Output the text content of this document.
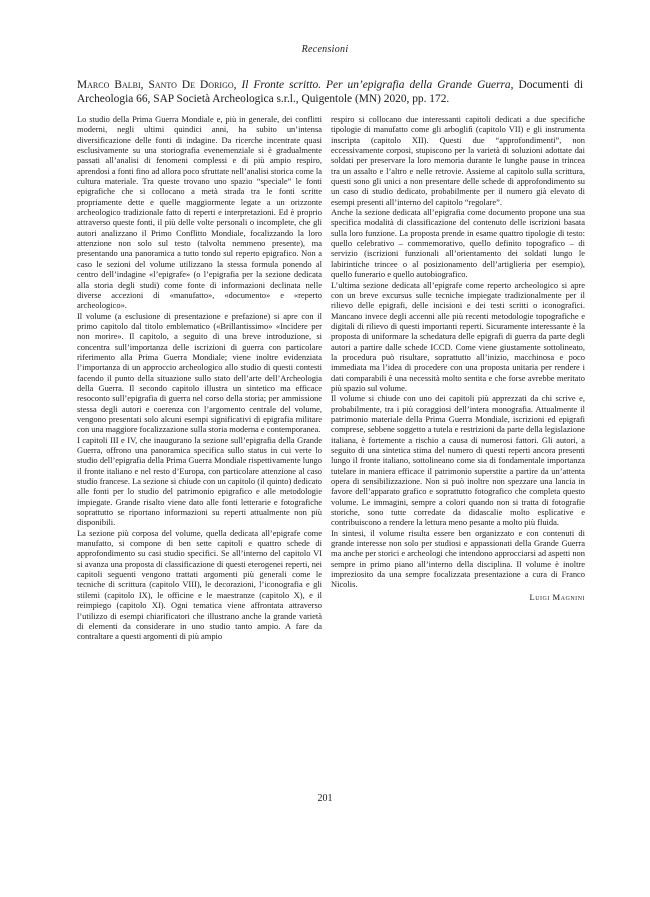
Recensioni
Marco Balbi, Santo De Dorigo, Il Fronte scritto. Per un’epigrafia della Grande Guerra, Documenti di Archeologia 66, SAP Società Archeologica s.r.l., Quigentole (MN) 2020, pp. 172.

Lo studio della Prima Guerra Mondiale e, più in generale, dei conflitti moderni, negli ultimi quindici anni, ha subito un’intensa diversificazione delle fonti di indagine. Da ricerche incentrate quasi esclusivamente su una storiografia evenemenziale si è gradualmente passati all’analisi di fenomeni complessi e di più ampio respiro, aprendosi a fonti fino ad allora poco sfruttate nell’analisi storica come la cultura materiale. Tra queste trovano uno spazio “speciale” le fonti epigrafiche che si collocano a metà strada tra le fonti scritte propriamente dette e quelle maggiormente legate a un orizzonte archeologico tradizionale fatto di reperti e interpretazioni. Ed è proprio attraverso queste fonti, il più delle volte personali o incomplete, che gli autori analizzano il Primo Conflitto Mondiale, focalizzando la loro attenzione non solo sul testo (talvolta nemmeno presente), ma presentando una panoramica a tutto tondo sul reperto epigrafico. Non a caso le sezioni del volume utilizzano la stessa formula ponendo al centro dell’indagine «l’epigrafe» (o l’epigrafia per la sezione dedicata alla storia degli studi) come fonte di informazioni declinata nelle diverse accezioni di «manufatto», «documento» e «reperto archeologico».

Il volume (a esclusione di presentazione e prefazione) si apre con il primo capitolo dal titolo emblematico («Brillantissimo» «Incidere per non morire». Il capitolo, a seguito di una breve introduzione, si concentra sull’importanza delle iscrizioni di guerra con particolare riferimento alla Prima Guerra Mondiale; viene inoltre evidenziata l’importanza di un approccio archeologico allo studio di questi contesti facendo il punto della situazione sullo stato dell’arte dell’Archeologia della Guerra. Il secondo capitolo illustra un sintetico ma efficace resoconto sull’epigrafia di guerra nel corso della storia; per ammissione stessa degli autori e coerenza con l’argomento centrale del volume, vengono presentati solo alcuni esempi significativi di epigrafia militare con una maggiore focalizzazione sulla storia moderna e contemporanea.

I capitoli III e IV, che inaugurano la sezione sull’epigrafia della Grande Guerra, offrono una panoramica specifica sullo status in cui verte lo studio dell’epigrafia della Prima Guerra Mondiale rispettivamente lungo il fronte italiano e nel resto d’Europa, con particolare attenzione al caso studio francese. La sezione si chiude con un capitolo (il quinto) dedicato alle fonti per lo studio del patrimonio epigrafico e alle metodologie impiegate. Grande risalto viene dato alle fonti letterarie e fotografiche soprattutto se riportano informazioni su reperti attualmente non più disponibili.

La sezione più corposa del volume, quella dedicata all’epigrafe come manufatto, si compone di ben sette capitoli e quattro schede di approfondimento su casi studio specifici. Se all’interno del capitolo VI si avanza una proposta di classificazione di questi eterogenei reperti, nei capitoli seguenti vengono trattati argomenti più generali come le tecniche di scrittura (capitolo VIII), le decorazioni, l’iconografia e gli stilemi (capitolo IX), le officine e le maestranze (capitolo X), e il reimpiego (capitolo XI). Ogni tematica viene affrontata attraverso l’utilizzo di esempi chiarificatori che illustrano anche la grande varietà di elementi da considerare in uno studio tanto ampio. A fare da contraltare a questi argomenti di più ampio

respiro si collocano due interessanti capitoli dedicati a due specifiche tipologie di manufatto come gli arbogliﬁ (capitolo VII) e gli instrumenta inscripta (capitolo XII). Questi due “approfondimenti”, non eccessivamente corposi, stupiscono per la varietà di soluzioni adottate dai soldati per preservare la loro memoria durante le lunghe pause in trincea tra un assalto e l’altro e nelle retrovie. Assieme al capitolo sulla scrittura, questi sono gli unici a non presentare delle schede di approfondimento su un caso di studio dedicato, probabilmente per il numero già elevato di esempi presenti all’interno del capitolo “regolare”.

Anche la sezione dedicata all’epigrafia come documento propone una sua specifica modalità di classificazione del contenuto delle iscrizioni basata sulla loro funzione. La proposta prende in esame quattro tipologie di testo: quello celebrativo – commemorativo, quello definito topografico – di servizio (iscrizioni funzionali all’orientamento dei soldati lungo le labirintiche trincee o al posizionamento dell’artiglieria per esempio), quello funerario e quello autobiografico.

L’ultima sezione dedicata all’epigrafe come reperto archeologico si apre con un breve excursus sulle tecniche impiegate tradizionalmente per il rilievo delle epigrafi, delle incisioni e dei testi scritti o iconografici. Mancano invece degli accenni alle più recenti metodologie topografiche e digitali di rilievo di questi importanti reperti. Sicuramente interessante è la proposta di uniformare la schedatura delle epigrafi di guerra da parte degli autori a partire dalle schede ICCD. Come viene giustamente sottolineato, la procedura può risultare, soprattutto all’inizio, macchinosa e poco immediata ma l’idea di procedere con una proposta unitaria per rendere i dati comparabili è una necessità molto sentita e che forse avrebbe meritato più spazio sul volume.

Il volume si chiude con uno dei capitoli più apprezzati da chi scrive e, probabilmente, tra i più coraggiosi dell’intera monografia. Attualmente il patrimonio materiale della Prima Guerra Mondiale, iscrizioni ed epigrafi comprese, sebbene soggetto a tutela e restrizioni da parte della legislazione italiana, è fortemente a rischio a causa di numerosi fattori. Gli autori, a seguito di una sintetica stima del numero di questi reperti ancora presenti lungo il fronte italiano, sottolineano come sia di fondamentale importanza tutelare in maniera efficace il patrimonio superstite a partire da un’attenta opera di sensibilizzazione. Non si può inoltre non spezzare una lancia in favore dell’apparato grafico e soprattutto fotografico che completa questo volume. Le immagini, sempre a colori quando non si tratta di fotografie storiche, sono tutte corredate da didascalie molto esplicative e contribuiscono a rendere la lettura meno pesante a molto più fluida.

In sintesi, il volume risulta essere ben organizzato e con contenuti di grande interesse non solo per studiosi e appassionati della Grande Guerra ma anche per storici e archeologi che intendono approcciarsi ad aspetti non sempre in primo piano all’interno della disciplina. Il volume è inoltre impreziosito da una sempre focalizzata presentazione a cura di Franco Nicolis.

Luigi Magnini
201
